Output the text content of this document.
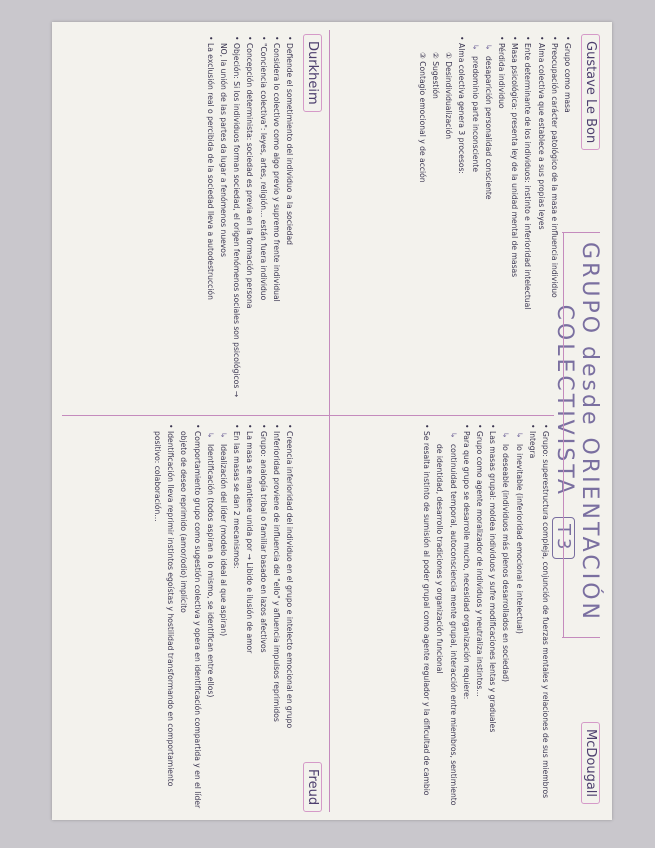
GRUPO desde ORIENTACIÓN COLECTIVISTA T3
Gustave Le Bon
McDougall
Durkheim
Freud
• Grupo como masa
• Preocupación carácter patológico de la masa e influencia individuo
• Alma colectiva que establece a sus propias leyes
• Ente determinante de los individuos: instinto e inferioridad intelectual
• Masa psicológica: presenta ley de la unidad mental de masas
• Pérdida individuo
↳ desaparición personalidad consciente
↳ predominio parte inconsciente
• Alma colectiva genera 3 procesos:
① Desindividualización
② Sugestión
③ Contagio emocional y de acción
• Grupo: superestructura compleja, conjunción de fuerzas mentales y relaciones de sus miembros
• Integra
↳ lo inevitable (inferioridad emocional e intelectual)
↳ lo deseable (individuos más plenos desarrollados en sociedad)
• Las masas grupal: moldea individuos y sufre modificaciones lentas y graduales
• Grupo como agente moralizador de individuos y neutraliza instintos...
• Para que grupo se desarrolle mucho, necesidad organización requiere:
↳ continuidad temporal, autoconsciencia mente grupal, interacción entre miembros, sentimiento de identidad, desarrollo tradiciones y organización funcional
• Se resalta instinto de sumisión al poder grupal como agente regulador y la dificultad de cambio
• Defiende el sometimiento del individuo a la sociedad
• Considera lo colectivo como algo previo y supremo frente individual
• "Conciencia colectiva": leyes, artes, religión... están fuera individuo
• Concepción determinista: sociedad es previa en la formación persona
• Objeción: Si los individuos forman sociedad, el origen fenómenos sociales son psicológicos → NO, la unión de las partes da lugar a fenómenos nuevos
• La exclusión real o percibida de la sociedad lleva a autodestrucción
• Creencia inferioridad del individuo en el grupo e intelecto emocional en grupo
• Inferioridad proviene de influencia del "ello" y afluencia impulsos reprimidos
• Grupo: analogía tribal o familiar basado en lazos afectivos
• La masa se mantiene unida por → Libido e ilusión de amor
• En las masas se dan 2 mecanismos:
↳ Idealización del líder (modelo ideal al que aspiran)
↳ Identificación (todos aspiran a lo mismo, se identifican entre ellos)
• Comportamiento grupo como sugestión colectiva y opera en identificación compartida y en el líder objeto de deseo reprimido (amor/odio) implícito
• Identificación lleva reprimir instintos egoístas y hostilidad transformando en comportamiento positivo: colaboración...
